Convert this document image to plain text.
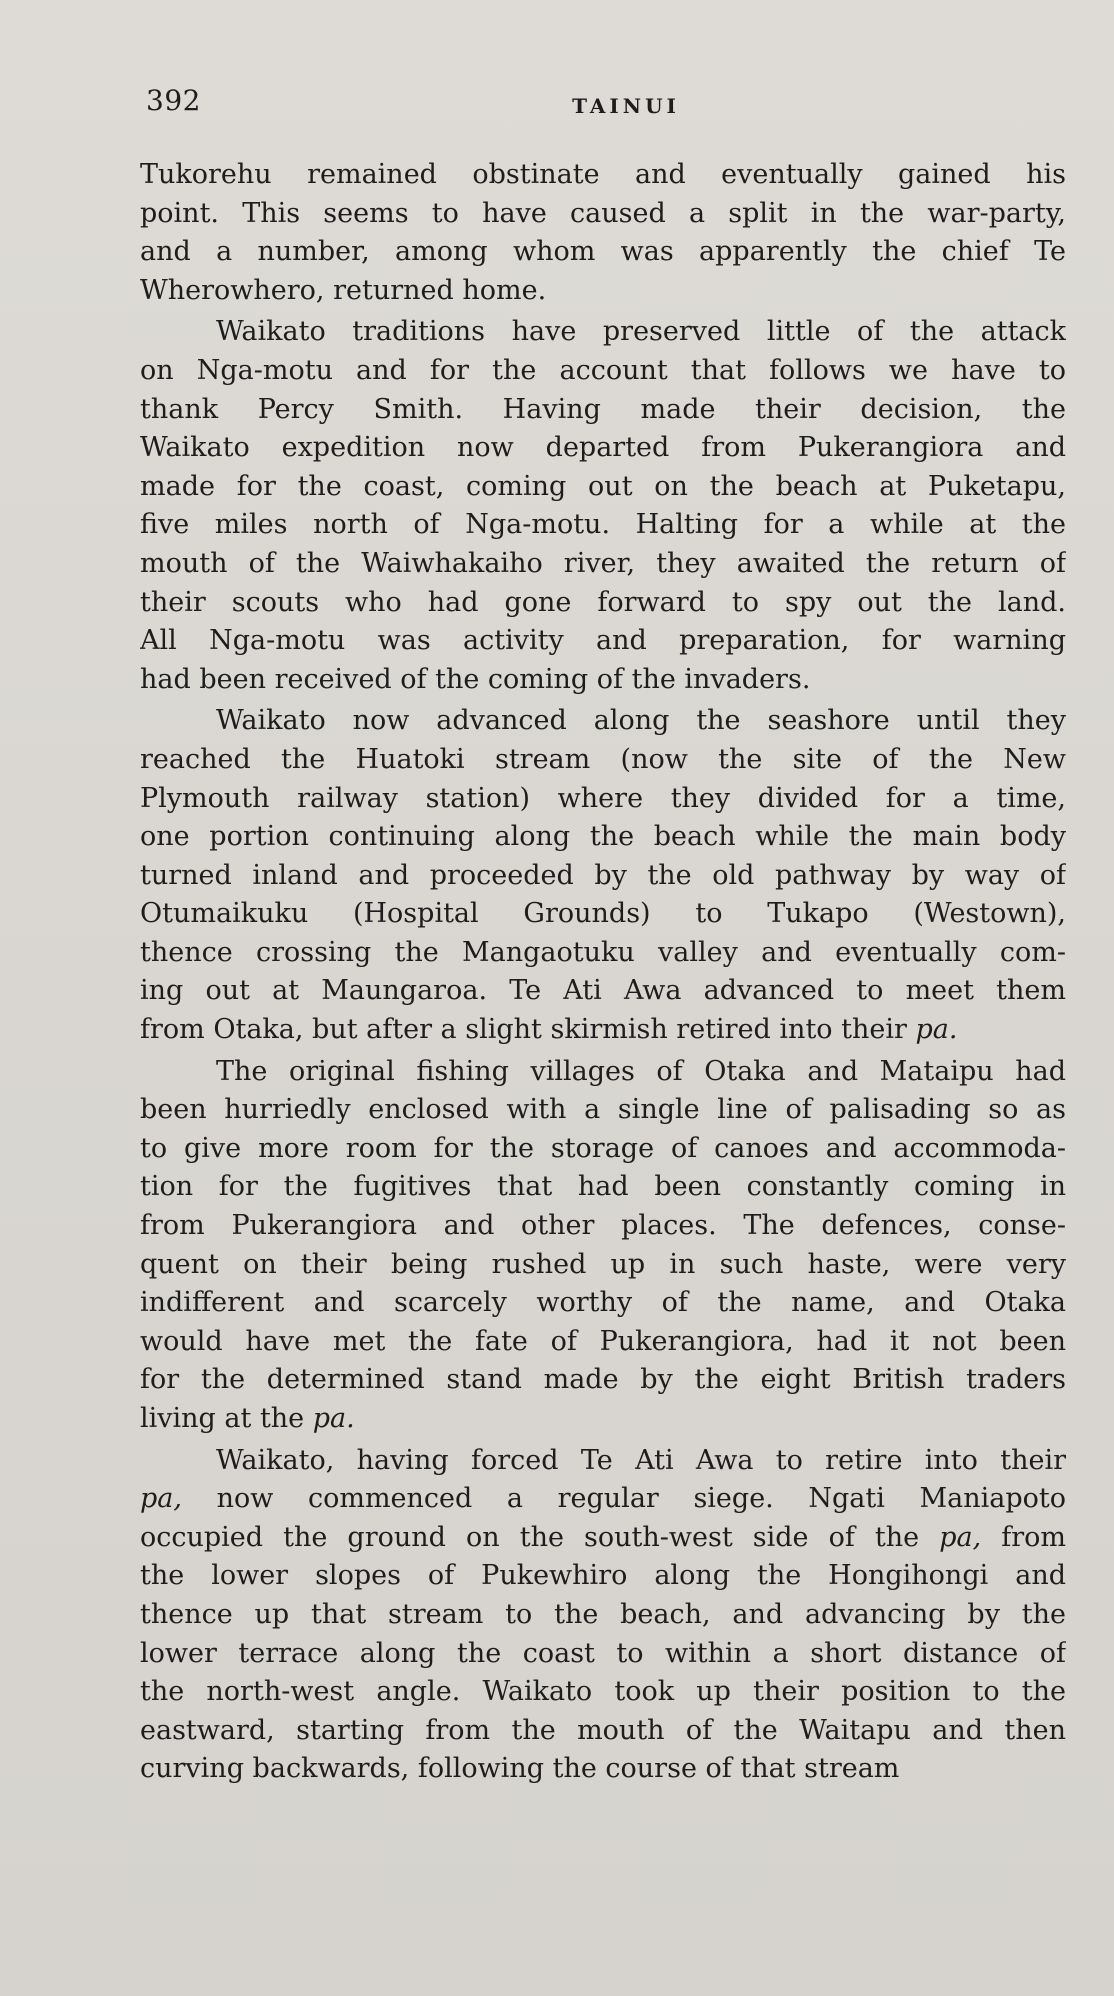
392	TAINUI
Tukorehu remained obstinate and eventually gained his
point. This seems to have caused a split in the war-party,
and a number, among whom was apparently the chief Te
Wherowhero, returned home.
Waikato traditions have preserved little of the attack
on Nga-motu and for the account that follows we have to
thank Percy Smith. Having made their decision, the
Waikato expedition now departed from Pukerangiora and
made for the coast, coming out on the beach at Puketapu,
five miles north of Nga-motu. Halting for a while at the
mouth of the Waiwhakaiho river, they awaited the return of
their scouts who had gone forward to spy out the land.
All Nga-motu was activity and preparation, for warning
had been received of the coming of the invaders.
Waikato now advanced along the seashore until they
reached the Huatoki stream (now the site of the New
Plymouth railway station) where they divided for a time,
one portion continuing along the beach while the main body
turned inland and proceeded by the old pathway by way of
Otumaikuku (Hospital Grounds) to Tukapo (Westown),
thence crossing the Mangaotuku valley and eventually com-
ing out at Maungaroa. Te Ati Awa advanced to meet them
from Otaka, but after a slight skirmish retired into their pa.
The original fishing villages of Otaka and Mataipu had
been hurriedly enclosed with a single line of palisading so as
to give more room for the storage of canoes and accommoda-
tion for the fugitives that had been constantly coming in
from Pukerangiora and other places. The defences, conse-
quent on their being rushed up in such haste, were very
indifferent and scarcely worthy of the name, and Otaka
would have met the fate of Pukerangiora, had it not been
for the determined stand made by the eight British traders
living at the pa.
Waikato, having forced Te Ati Awa to retire into their
pa, now commenced a regular siege. Ngati Maniapoto
occupied the ground on the south-west side of the pa, from
the lower slopes of Pukewhiro along the Hongihongi and
thence up that stream to the beach, and advancing by the
lower terrace along the coast to within a short distance of
the north-west angle. Waikato took up their position to the
eastward, starting from the mouth of the Waitapu and then
curving backwards, following the course of that stream
